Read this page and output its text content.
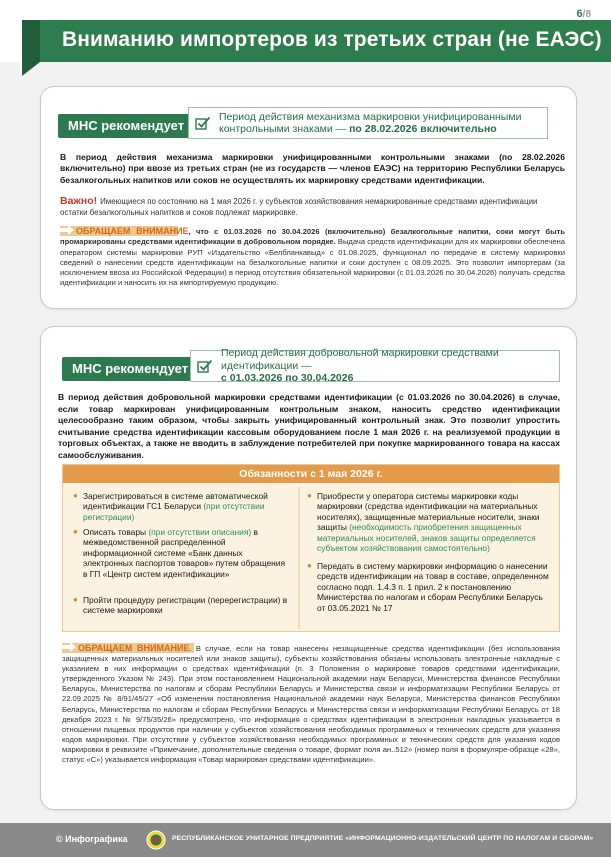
Вниманию импортеров из третьих стран (не ЕАЭС)
6/8
МНС рекомендует
Период действия механизма маркировки унифицированными
контрольными знаками — по 28.02.2026 включительно
В период действия механизма маркировки унифицированными контрольными знаками (по 28.02.2026 включительно) при ввозе из третьих стран (не из государств — членов ЕАЭС) на территорию Республики Беларусь безалкогольных напитков или соков не осуществлять их маркировку средствами идентификации.
Важно! Имеющиеся по состоянию на 1 мая 2026 г. у субъектов хозяйствования немаркированные средствами идентификации остатки безалкогольных напитков и соков подлежат маркировке.
ОБРАЩАЕМ ВНИМАНИЕ, что с 01.03.2026 по 30.04.2026 (включительно) безалкогольные напитки, соки могут быть промаркированы средствами идентификации в добровольном порядке. Выдача средств идентификации для их маркировки обеспечена оператором системы маркировки РУП «Издательство «Белбланкавыд» с 01.08.2025, функционал по передаче в систему маркировки сведений о нанесении средств идентификации на безалкогольные напитки и соки доступен с 08.09.2025. Это позволит импортерам (за исключением ввоза из Российской Федерации) в период отсутствия обязательной маркировки (с 01.03.2026 по 30.04.2026) получать средства идентификации и наносить их на импортируемую продукцию.
МНС рекомендует
Период действия добровольной маркировки средствами идентификации —
с 01.03.2026 по 30.04.2026
В период действия добровольной маркировки средствами идентификации (с 01.03.2026 по 30.04.2026) в случае, если товар маркирован унифицированным контрольным знаком, наносить средство идентификации целесообразно таким образом, чтобы закрыть унифицированный контрольный знак. Это позволит упростить считывание средства идентификации кассовым оборудованием после 1 мая 2026 г. на реализуемой продукции в торговых объектах, а также не вводить в заблуждение потребителей при покупке маркированного товара на кассах самообслуживания.
Обязанности с 1 мая 2026 г.
● Зарегистрироваться в системе автоматической идентификации ГС1 Беларуси (при отсутствии регистрации)
● Описать товары (при отсутствии описания) в межведомственной распределенной информационной системе «Банк данных электронных паспортов товаров» путем обращения в ГП «Центр систем идентификации»
● Пройти процедуру регистрации (перерегистрации) в системе маркировки
● Приобрести у оператора системы маркировки коды маркировки (средства идентификации на материальных носителях), защищенные материальные носители, знаки защиты (необходимость приобретения защищенных материальных носителей, знаков защиты определяется субъектом хозяйствования самостоятельно)
● Передать в систему маркировки информацию о нанесении средств идентификации на товар в составе, определенном согласно подп. 1.4.3 п. 1 прил. 2 к постановлению Министерства по налогам и сборам Республики Беларусь от 03.05.2021 № 17
ОБРАЩАЕМ ВНИМАНИЕ. В случае, если на товар нанесены незащищенные средства идентификации (без использования защищенных материальных носителей или знаков защиты), субъекты хозяйствования обязаны использовать электронные накладные с указанием в них информации о средствах идентификации (п. 3 Положения о маркировке товаров средствами идентификации, утвержденного Указом № 243). При этом постановлением Национальной академии наук Беларуси, Министерства финансов Республики Беларусь, Министерства по налогам и сборам Республики Беларусь и Министерства связи и информатизации Республики Беларусь от 22.09.2025 № 8/91/45/27 «Об изменении постановления Национальной академии наук Беларуси, Министерства финансов Республики Беларусь, Министерства по налогам и сборам Республики Беларусь и Министерства связи и информатизации Республики Беларусь от 18 декабря 2023 г. № 9/75/35/26» предусмотрено, что информация о средствах идентификации в электронных накладных указывается в отношении пищевых продуктов при наличии у субъектов хозяйствования необходимых программных и технических средств для указания кодов маркировки. При отсутствии у субъектов хозяйствования необходимых программных и технических средств для указания кодов маркировки в реквизите «Примечание, дополнительные сведения о товаре, формат поля ан..512» (номер поля в формуляре-образце «28», статус «С») указывается информация «Товар маркирован средствами идентификации».
© Инфографика	РЕСПУБЛИКАНСКОЕ УНИТАРНОЕ ПРЕДПРИЯТИЕ «ИНФОРМАЦИОННО-ИЗДАТЕЛЬСКИЙ ЦЕНТР ПО НАЛОГАМ И СБОРАМ»
